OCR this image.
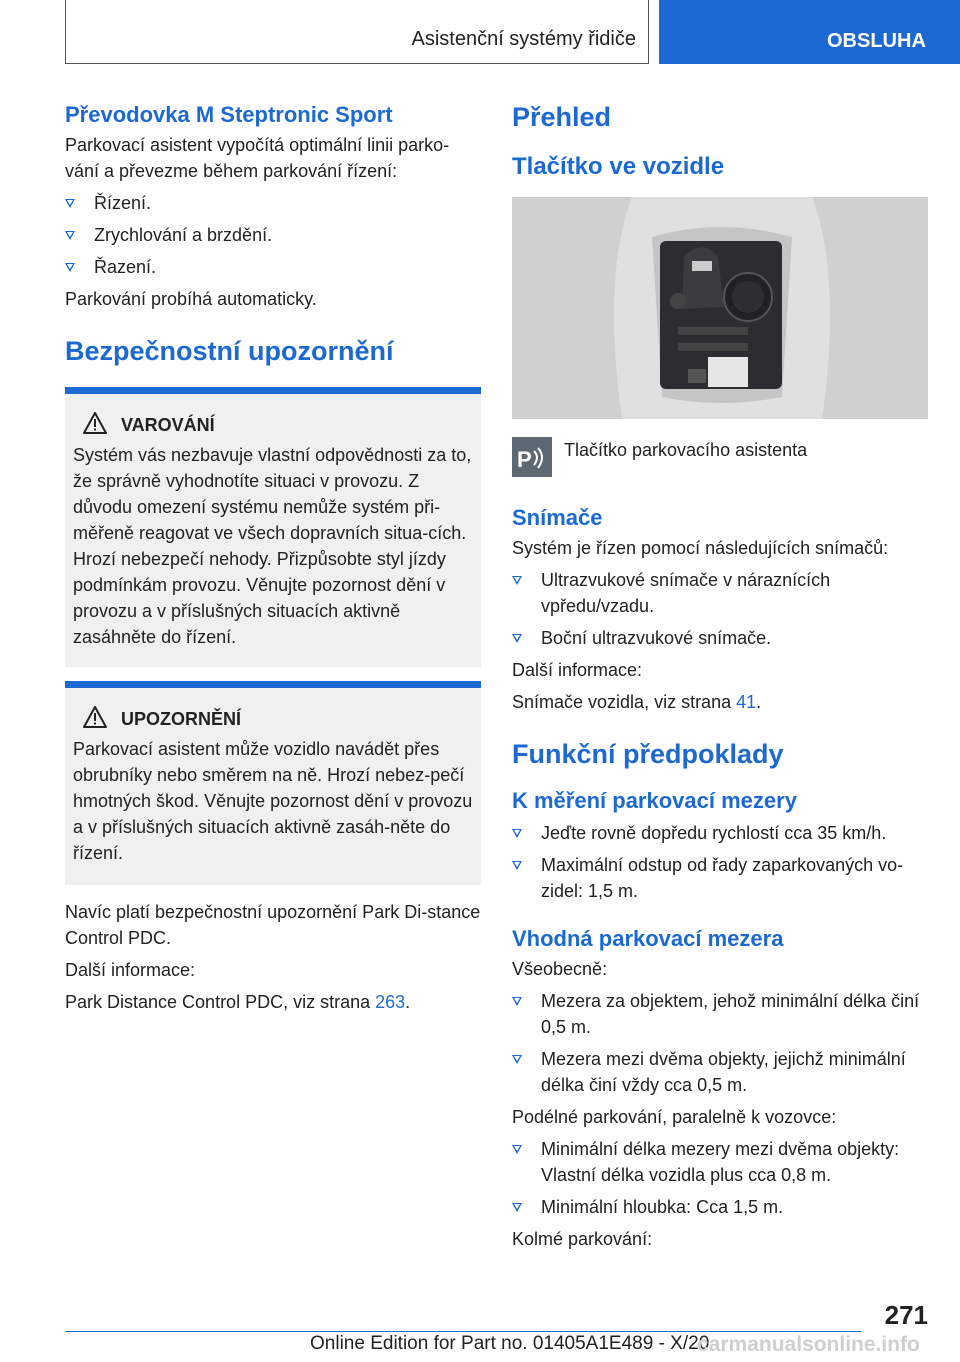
Asistenční systémy řidiče	OBSLUHA
Převodovka M Steptronic Sport

Parkovací asistent vypočítá optimální linii parko-vání a převezme během parkování řízení:

Řízení.
Zrychlování a brzdění.
Řazení.

Parkování probíhá automaticky.

Bezpečnostní upozornění
VAROVÁNÍ

Systém vás nezbavuje vlastní odpovědnosti za to, že správně vyhodnotíte situaci v provozu. Z důvodu omezení systému nemůže systém při-měřeně reagovat ve všech dopravních situa-cích. Hrozí nebezpečí nehody. Přizpůsobte styl jízdy podmínkám provozu. Věnujte pozornost dění v provozu a v příslušných situacích aktivně zasáhněte do řízení.

UPOZORNĚNÍ

Parkovací asistent může vozidlo navádět přes obrubníky nebo směrem na ně. Hrozí nebez-pečí hmotných škod. Věnujte pozornost dění v provozu a v příslušných situacích aktivně zasáh-něte do řízení.

Navíc platí bezpečnostní upozornění Park Di-stance Control PDC.

Další informace:

Park Distance Control PDC, viz strana 263.

Přehled
Tlačítko ve vozidle
P Tlačítko parkovacího asistenta
Snímače

Systém je řízen pomocí následujících snímačů:

Ultrazvukové snímače v náraznících vpředu/vzadu.
Boční ultrazvukové snímače.

Další informace:

Snímače vozidla, viz strana 41.

Funkční předpoklady
K měření parkovací mezery
Jeďte rovně dopředu rychlostí cca 35 km/h.
Maximální odstup od řady zaparkovaných vo-zidel: 1,5 m.
Vhodná parkovací mezera

Všeobecně:

Mezera za objektem, jehož minimální délka činí 0,5 m.
Mezera mezi dvěma objekty, jejichž minimální délka činí vždy cca 0,5 m.

Podélné parkování, paralelně k vozovce:

Minimální délka mezery mezi dvěma objekty: Vlastní délka vozidla plus cca 0,8 m.
Minimální hloubka: Cca 1,5 m.

Kolmé parkování:

271
Online Edition for Part no. 01405A1E489 - X/20
carmanualsonline.info
